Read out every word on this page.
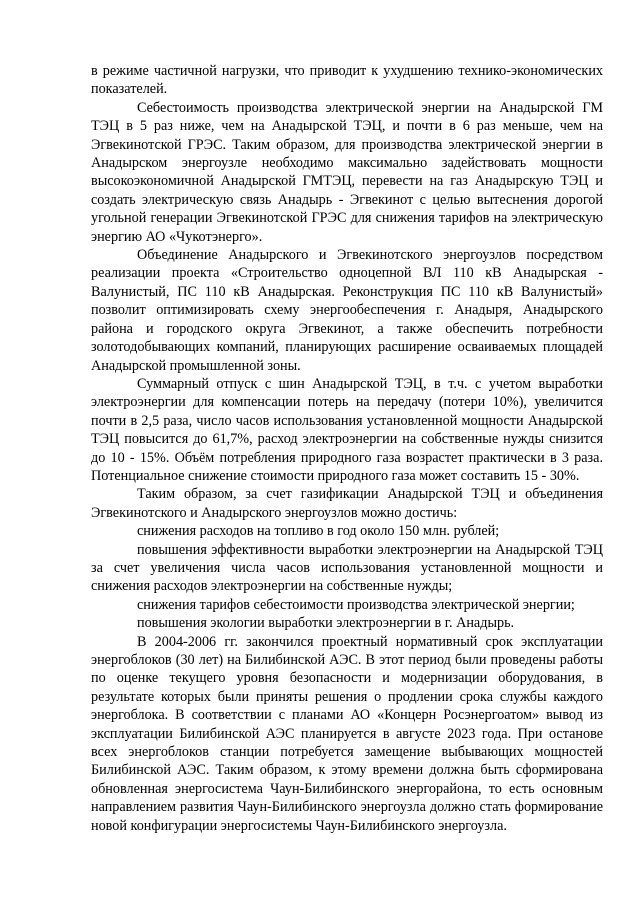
в режиме частичной нагрузки, что приводит к ухудшению технико-экономических показателей.

Себестоимость производства электрической энергии на Анадырской ГМ ТЭЦ в 5 раз ниже, чем на Анадырской ТЭЦ, и почти в 6 раз меньше, чем на Эгвекинотской ГРЭС. Таким образом, для производства электрической энергии в Анадырском энергоузле необходимо максимально задействовать мощности высокоэкономичной Анадырской ГМТЭЦ, перевести на газ Анадырскую ТЭЦ и создать электрическую связь Анадырь - Эгвекинот с целью вытеснения дорогой угольной генерации Эгвекинотской ГРЭС для снижения тарифов на электрическую энергию АО «Чукотэнерго».

Объединение Анадырского и Эгвекинотского энергоузлов посредством реализации проекта «Строительство одноцепной ВЛ 110 кВ Анадырская - Валунистый, ПС 110 кВ Анадырская. Реконструкция ПС 110 кВ Валунистый» позволит оптимизировать схему энергообеспечения г. Анадыря, Анадырского района и городского округа Эгвекинот, а также обеспечить потребности золотодобывающих компаний, планирующих расширение осваиваемых площадей Анадырской промышленной зоны.

Суммарный отпуск с шин Анадырской ТЭЦ, в т.ч. с учетом выработки электроэнергии для компенсации потерь на передачу (потери 10%), увеличится почти в 2,5 раза, число часов использования установленной мощности Анадырской ТЭЦ повысится до 61,7%, расход электроэнергии на собственные нужды снизится до 10 - 15%. Объём потребления природного газа возрастет практически в 3 раза. Потенциальное снижение стоимости природного газа может составить 15 - 30%.

Таким образом, за счет газификации Анадырской ТЭЦ и объединения Эгвекинотского и Анадырского энергоузлов можно достичь:

снижения расходов на топливо в год около 150 млн. рублей;

повышения эффективности выработки электроэнергии на Анадырской ТЭЦ за счет увеличения числа часов использования установленной мощности и снижения расходов электроэнергии на собственные нужды;

снижения тарифов себестоимости производства электрической энергии;

повышения экологии выработки электроэнергии в г. Анадырь.

В 2004-2006 гг. закончился проектный нормативный срок эксплуатации энергоблоков (30 лет) на Билибинской АЭС. В этот период были проведены работы по оценке текущего уровня безопасности и модернизации оборудования, в результате которых были приняты решения о продлении срока службы каждого энергоблока. В соответствии с планами АО «Концерн Росэнергоатом» вывод из эксплуатации Билибинской АЭС планируется в августе 2023 года. При останове всех энергоблоков станции потребуется замещение выбывающих мощностей Билибинской АЭС. Таким образом, к этому времени должна быть сформирована обновленная энергосистема Чаун-Билибинского энергорайона, то есть основным направлением развития Чаун-Билибинского энергоузла должно стать формирование новой конфигурации энергосистемы Чаун-Билибинского энергоузла.
